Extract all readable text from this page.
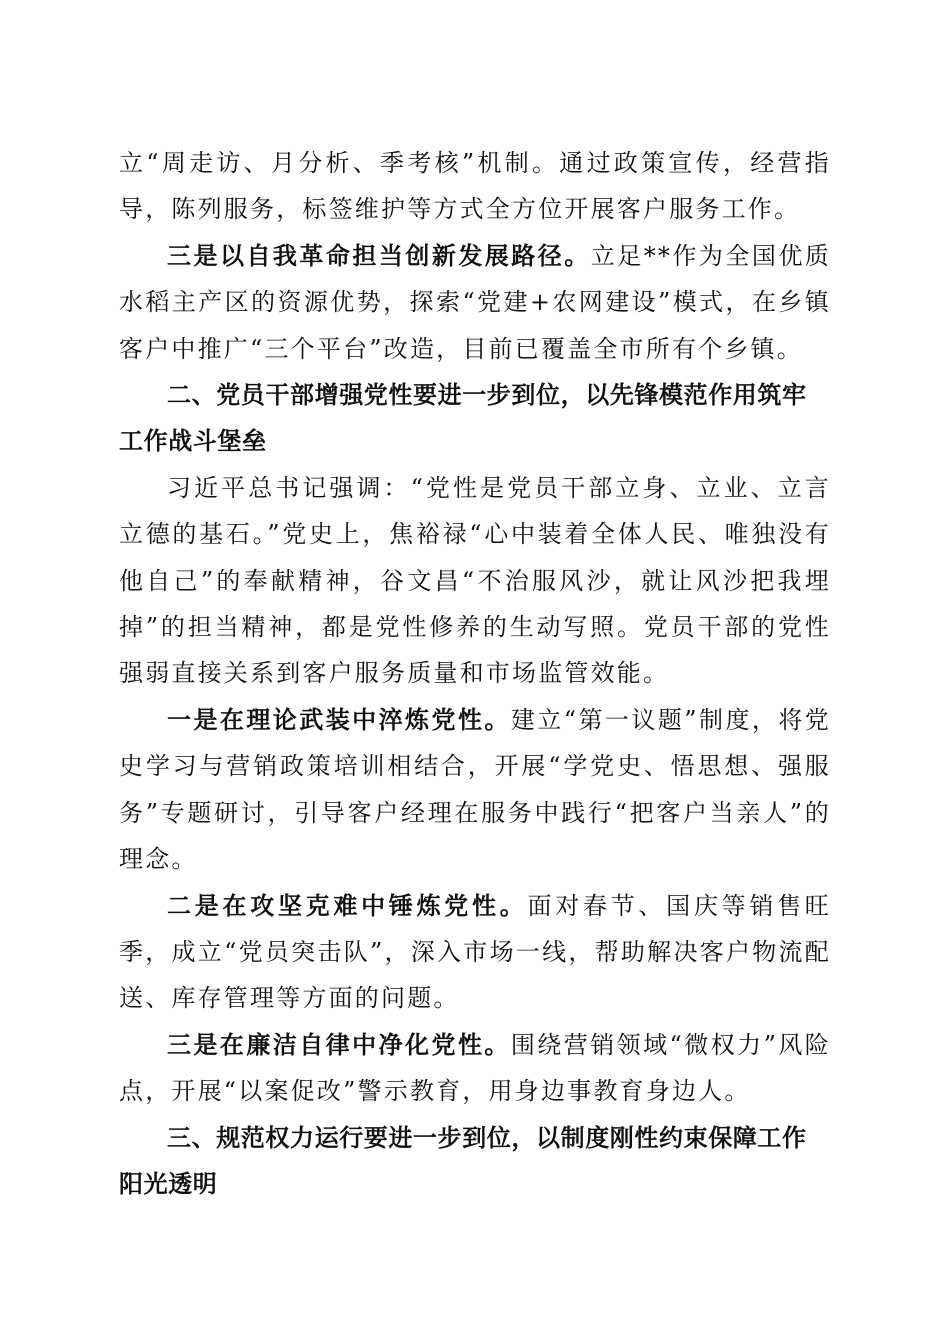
立“周走访、月分析、季考核”机制。通过政策宣传，经营指导，陈列服务，标签维护等方式全方位开展客户服务工作。

三是以自我革命担当创新发展路径。立足**作为全国优质水稻主产区的资源优势，探索“党建+农网建设”模式，在乡镇客户中推广“三个平台”改造，目前已覆盖全市所有个乡镇。

二、党员干部增强党性要进一步到位，以先锋模范作用筑牢工作战斗堡垒

习近平总书记强调：“党性是党员干部立身、立业、立言立德的基石。”党史上，焦裕禄“心中装着全体人民、唯独没有他自己”的奉献精神，谷文昌“不治服风沙，就让风沙把我埋掉”的担当精神，都是党性修养的生动写照。党员干部的党性强弱直接关系到客户服务质量和市场监管效能。

一是在理论武装中淬炼党性。建立“第一议题”制度，将党史学习与营销政策培训相结合，开展“学党史、悟思想、强服务”专题研讨，引导客户经理在服务中践行“把客户当亲人”的理念。

二是在攻坚克难中锤炼党性。面对春节、国庆等销售旺季，成立“党员突击队”，深入市场一线，帮助解决客户物流配送、库存管理等方面的问题。

三是在廉洁自律中净化党性。围绕营销领域“微权力”风险点，开展“以案促改”警示教育，用身边事教育身边人。

三、规范权力运行要进一步到位，以制度刚性约束保障工作阳光透明
